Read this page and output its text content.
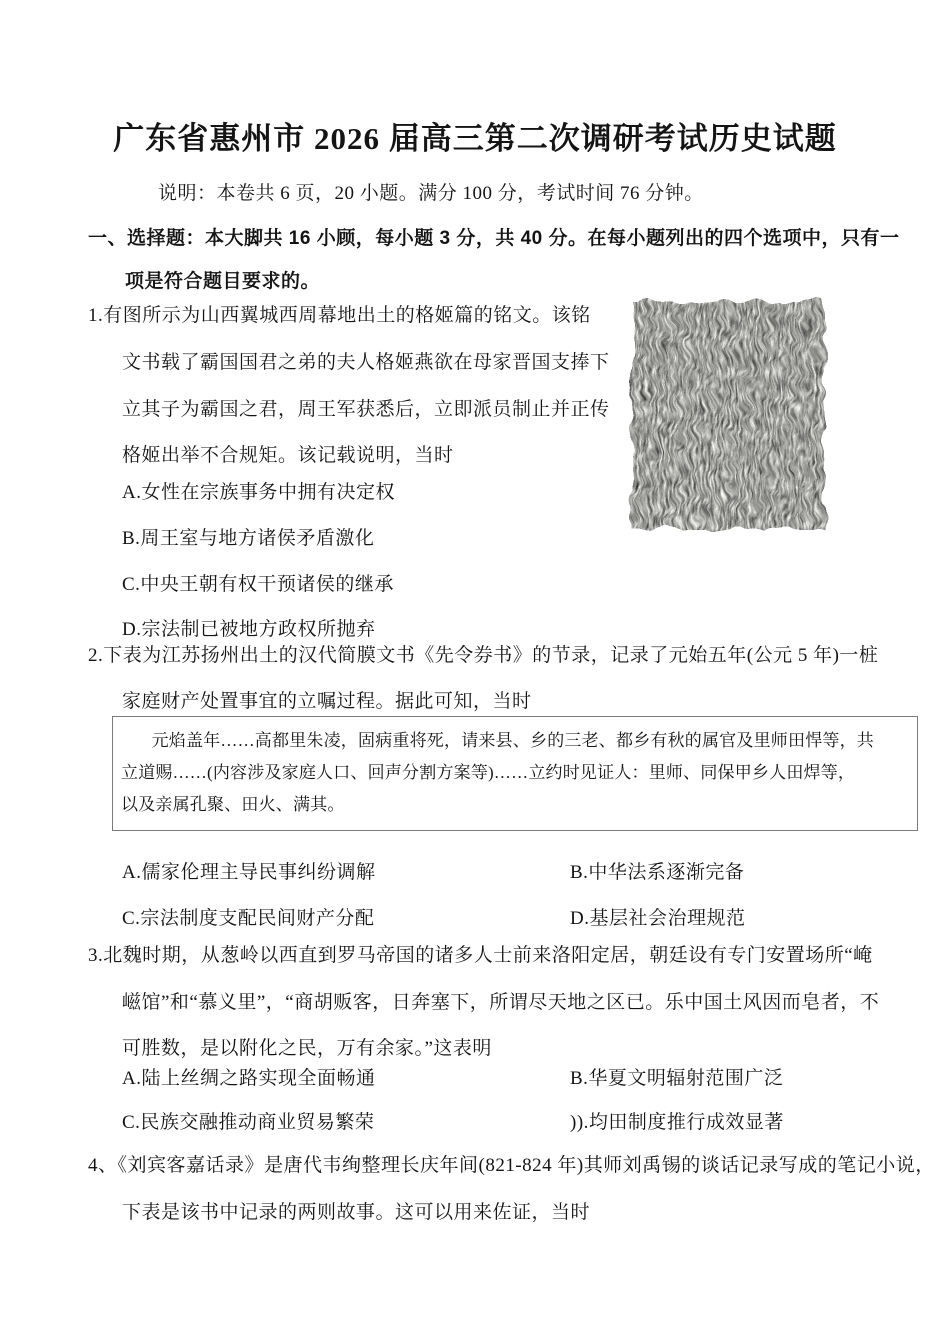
广东省惠州市 2026 届高三第二次调研考试历史试题
说明：本卷共 6 页，20 小题。满分 100 分，考试时间 76 分钟。
一、选择题：本大脚共 16 小顾，每小题 3 分，共 40 分。在每小题列出的四个选项中，只有一
项是符合题目要求的。
1.有图所示为山西翼城西周幕地出土的格姬篇的铭文。该铭
文书载了霸国国君之弟的夫人格姬燕欲在母家晋国支捧下
立其子为霸国之君，周王军获悉后，立即派员制止并正传
格姬出举不合规矩。该记载说明，当时
A.女性在宗族事务中拥有决定权
B.周王室与地方诸侯矛盾激化
C.中央王朝有权干预诸侯的继承
D.宗法制已被地方政权所抛弃
2.下表为江苏扬州出土的汉代简膜文书《先令券书》的节录，记录了元始五年(公元 5 年)一桩
家庭财产处置事宜的立嘱过程。据此可知，当时
元焰盖年……高都里朱凌，固病重将死，请来县、乡的三老、都乡有秋的属官及里师田悍等，共
立道赐……(内容涉及家庭人口、回声分割方案等)……立约时见证人：里师、同保甲乡人田焊等，
以及亲属孔聚、田火、满其。
A.儒家伦理主导民事纠纷调解	B.中华法系逐渐完备
C.宗法制度支配民间财产分配	D.基层社会治理规范
3.北魏时期，从葱岭以西直到罗马帝国的诸多人士前来洛阳定居，朝廷设有专门安置场所“崦
嵫馆”和“慕义里”，“商胡贩客，日奔塞下，所谓尽天地之区已。乐中国土风因而皂者，不
可胜数，是以附化之民，万有余家。”这表明
A.陆上丝绸之路实现全面畅通	B.华夏文明辐射范围广泛
C.民族交融推动商业贸易繁荣	)).均田制度推行成效显著
4、《刘宾客嘉话录》是唐代韦绚整理长庆年间(821-824 年)其师刘禹锡的谈话记录写成的笔记小说，
下表是该书中记录的两则故事。这可以用来佐证，当时
